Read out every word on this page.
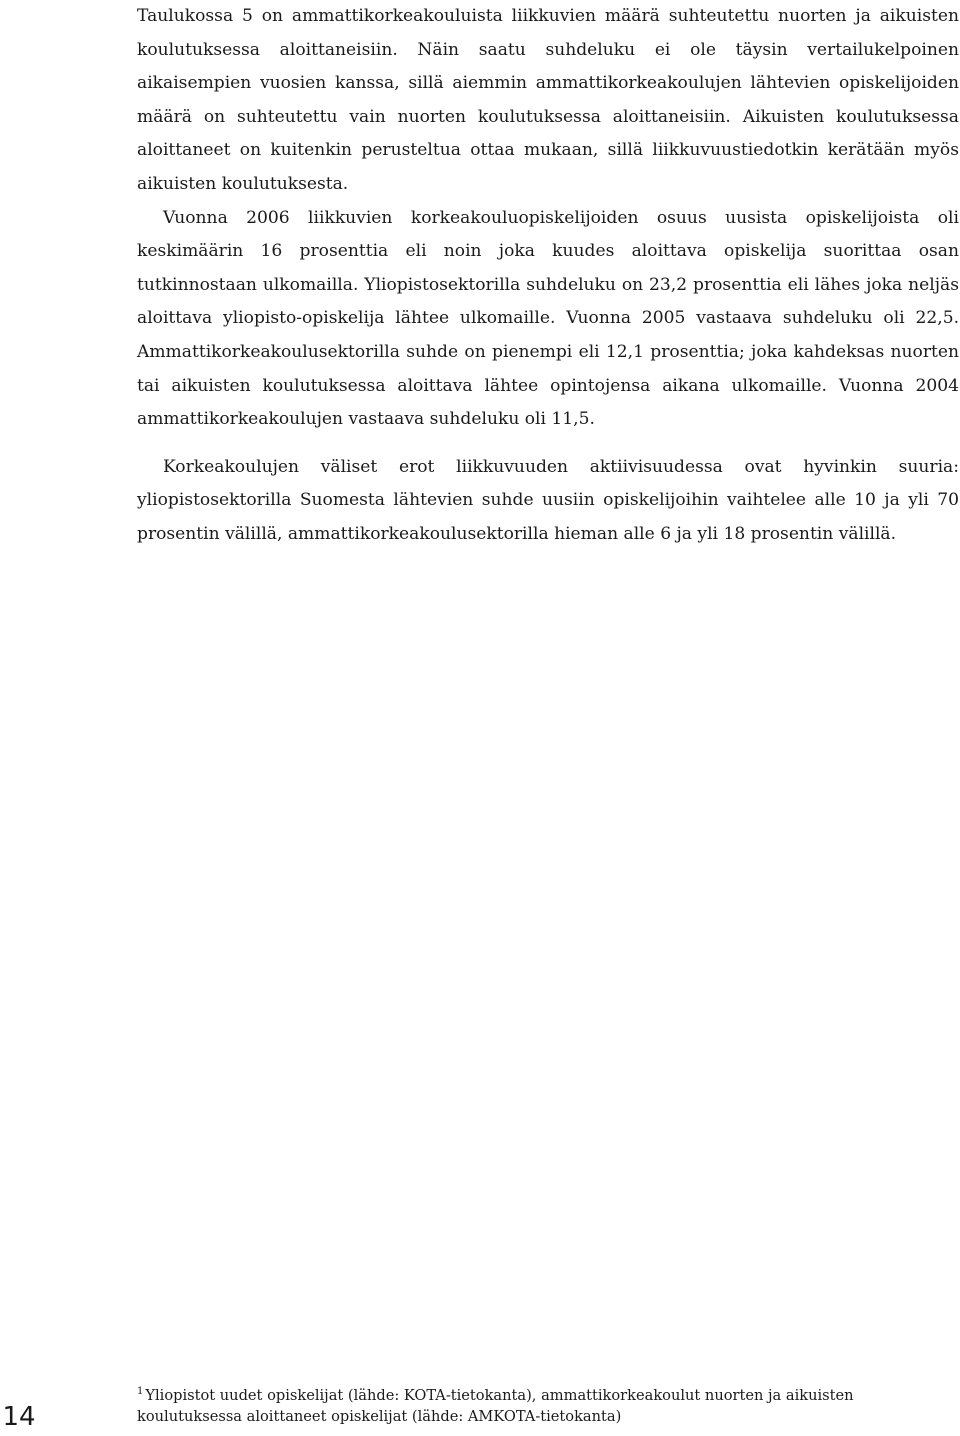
Taulukossa 5 on ammattikorkeakouluista liikkuvien määrä suhteutettu nuorten ja aikuisten koulutuksessa aloittaneisiin. Näin saatu suhdeluku ei ole täysin vertailukelpoinen aikaisempien vuosien kanssa, sillä aiemmin ammattikorkeakoulujen lähtevien opiskelijoiden määrä on suhteutettu vain nuorten koulutuksessa aloittaneisiin. Aikuisten koulutuksessa aloittaneet on kuitenkin perusteltua ottaa mukaan, sillä liikkuvuustiedotkin kerätään myös aikuisten koulutuksesta.

Vuonna 2006 liikkuvien korkeakouluopiskelijoiden osuus uusista opiskelijoista oli keskimäärin 16 prosenttia eli noin joka kuudes aloittava opiskelija suorittaa osan tutkinnostaan ulkomailla. Yliopistosektorilla suhdeluku on 23,2 prosenttia eli lähes joka neljäs aloittava yliopisto-opiskelija lähtee ulkomaille. Vuonna 2005 vastaava suhdeluku oli 22,5. Ammattikorkeakoulusektorilla suhde on pienempi eli 12,1 prosenttia; joka kahdeksas nuorten tai aikuisten koulutuksessa aloittava lähtee opintojensa aikana ulkomaille. Vuonna 2004 ammattikorkeakoulujen vastaava suhdeluku oli 11,5.

Korkeakoulujen väliset erot liikkuvuuden aktiivisuudessa ovat hyvinkin suuria: yliopistosektorilla Suomesta lähtevien suhde uusiin opiskelijoihin vaihtelee alle 10 ja yli 70 prosentin välillä, ammattikorkeakoulusektorilla hieman alle 6 ja yli 18 prosentin välillä.

$^1$ Yliopistot uudet opiskelijat (lähde: KOTA-tietokanta), ammattikorkeakoulut nuorten ja aikuisten koulutuksessa aloittaneet opiskelijat (lähde: AMKOTA-tietokanta)
14
